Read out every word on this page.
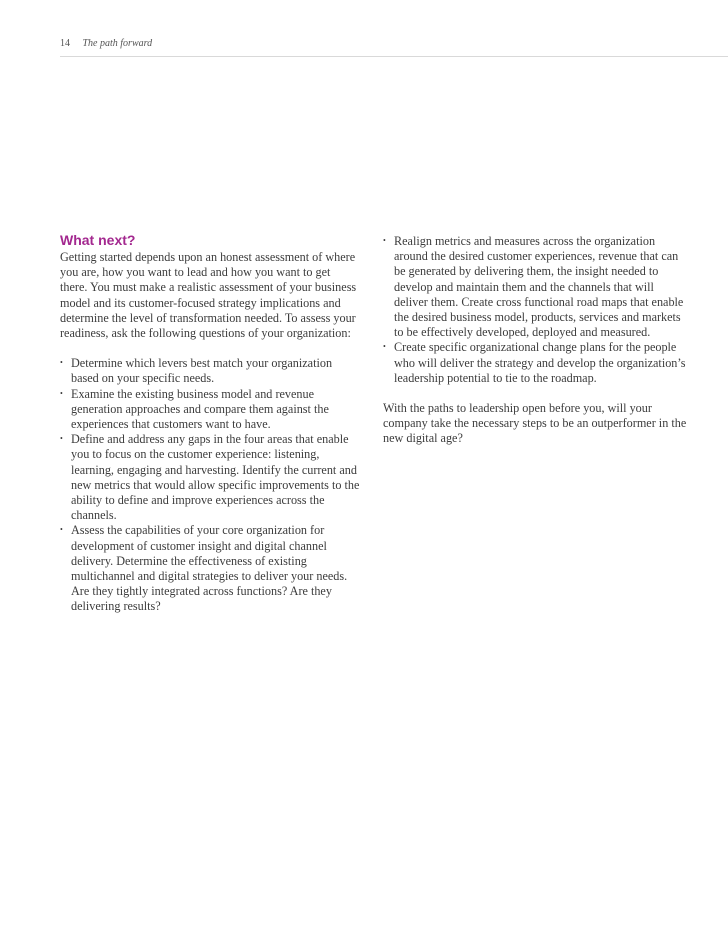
14 The path forward
What next?

Getting started depends upon an honest assessment of where you are, how you want to lead and how you want to get there. You must make a realistic assessment of your business model and its customer-focused strategy implications and determine the level of transformation needed. To assess your readiness, ask the following questions of your organization:

• Determine which levers best match your organization based on your specific needs.
• Examine the existing business model and revenue generation approaches and compare them against the experiences that customers want to have.
• Define and address any gaps in the four areas that enable you to focus on the customer experience: listening, learning, engaging and harvesting. Identify the current and new metrics that would allow specific improvements to the ability to define and improve experiences across the channels.
• Assess the capabilities of your core organization for development of customer insight and digital channel delivery. Determine the effectiveness of existing multichannel and digital strategies to deliver your needs. Are they tightly integrated across functions? Are they delivering results?
• Realign metrics and measures across the organization around the desired customer experiences, revenue that can be generated by delivering them, the insight needed to develop and maintain them and the channels that will deliver them. Create cross functional road maps that enable the desired business model, products, services and markets to be effectively developed, deployed and measured.
• Create specific organizational change plans for the people who will deliver the strategy and develop the organization’s leadership potential to tie to the roadmap.

With the paths to leadership open before you, will your company take the necessary steps to be an outperformer in the new digital age?
